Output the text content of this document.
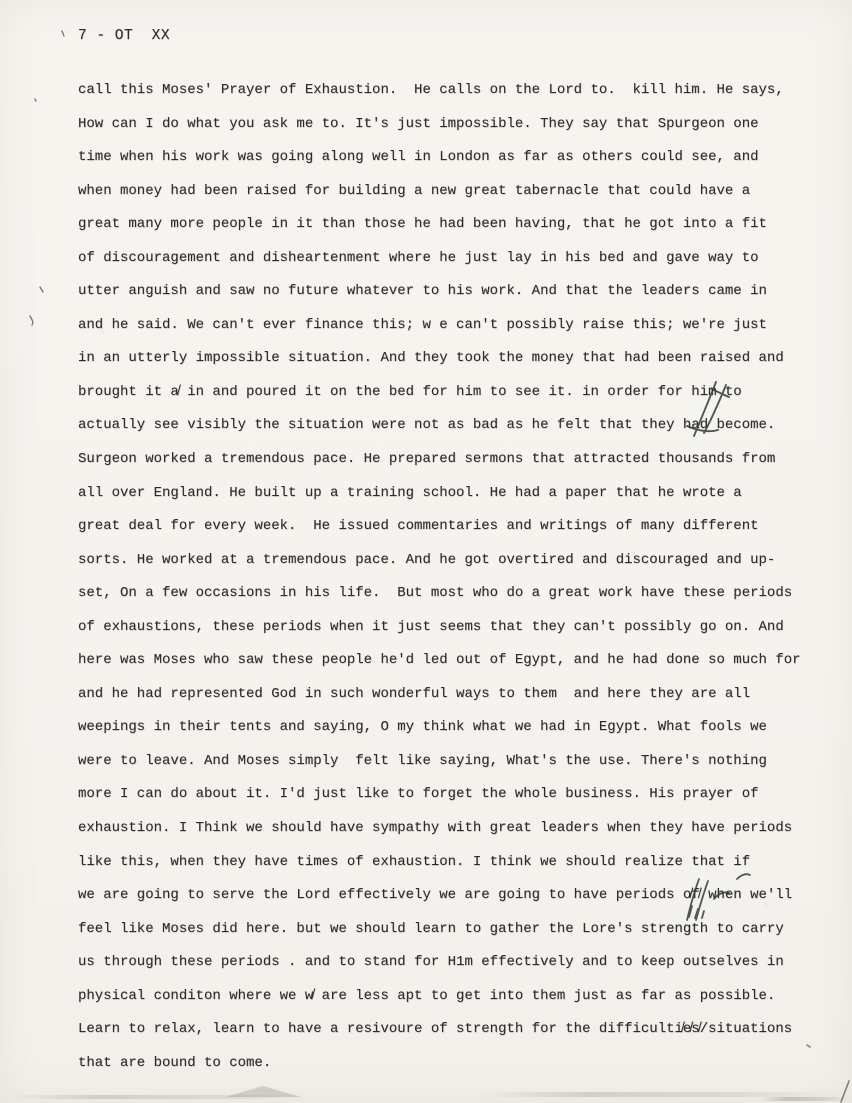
7 - OT  XX
call this Moses' Prayer of Exhaustion.  He calls on the Lord to.  kill him. He says,
How can I do what you ask me to. It's just impossible. They say that Spurgeon one
time when his work was going along well in London as far as others could see, and
when money had been raised for building a new great tabernacle that could have a
great many more people in it than those he had been having, that he got into a fit
of discouragement and disheartenment where he just lay in his bed and gave way to
utter anguish and saw no future whatever to his work. And that the leaders came in
and he said. We can't ever finance this; w e can't possibly raise this; we're just
in an utterly impossible situation. And they took the money that had been raised and
brought it a̸ in and poured it on the bed for him to see it. in order for him to
actually see visibly the situation were not as bad as he felt that they had become.
Surgeon worked a tremendous pace. He prepared sermons that attracted thousands from
all over England. He built up a training school. He had a paper that he wrote a
great deal for every week.  He issued commentaries and writings of many different
sorts. He worked at a tremendous pace. And he got overtired and discouraged and up-
set, On a few occasions in his life.  But most who do a great work have these periods
of exhaustions, these periods when it just seems that they can't possibly go on. And
here was Moses who saw these people he'd led out of Egypt, and he had done so much for
and he had represented God in such wonderful ways to them  and here they are all
weepings in their tents and saying, O my think what we had in Egypt. What fools we
were to leave. And Moses simply  felt like saying, What's the use. There's nothing
more I can do about it. I'd just like to forget the whole business. His prayer of
exhaustion. I Think we should have sympathy with great leaders when they have periods
like this, when they have times of exhaustion. I think we should realize that if
we are going to serve the Lord effectively we are going to have periods o̸f̸ when we'll
feel like Moses did here. but we should learn to gather the Lore's strength to carry
us through these periods . and to stand for H1m effectively and to keep outselves in
physical conditon where we w̸ are less apt to get into them just as far as possible.
Learn to relax, learn to have a resivoure of strength for the difficulti̸e̸s̸/situations
that are bound to come.
